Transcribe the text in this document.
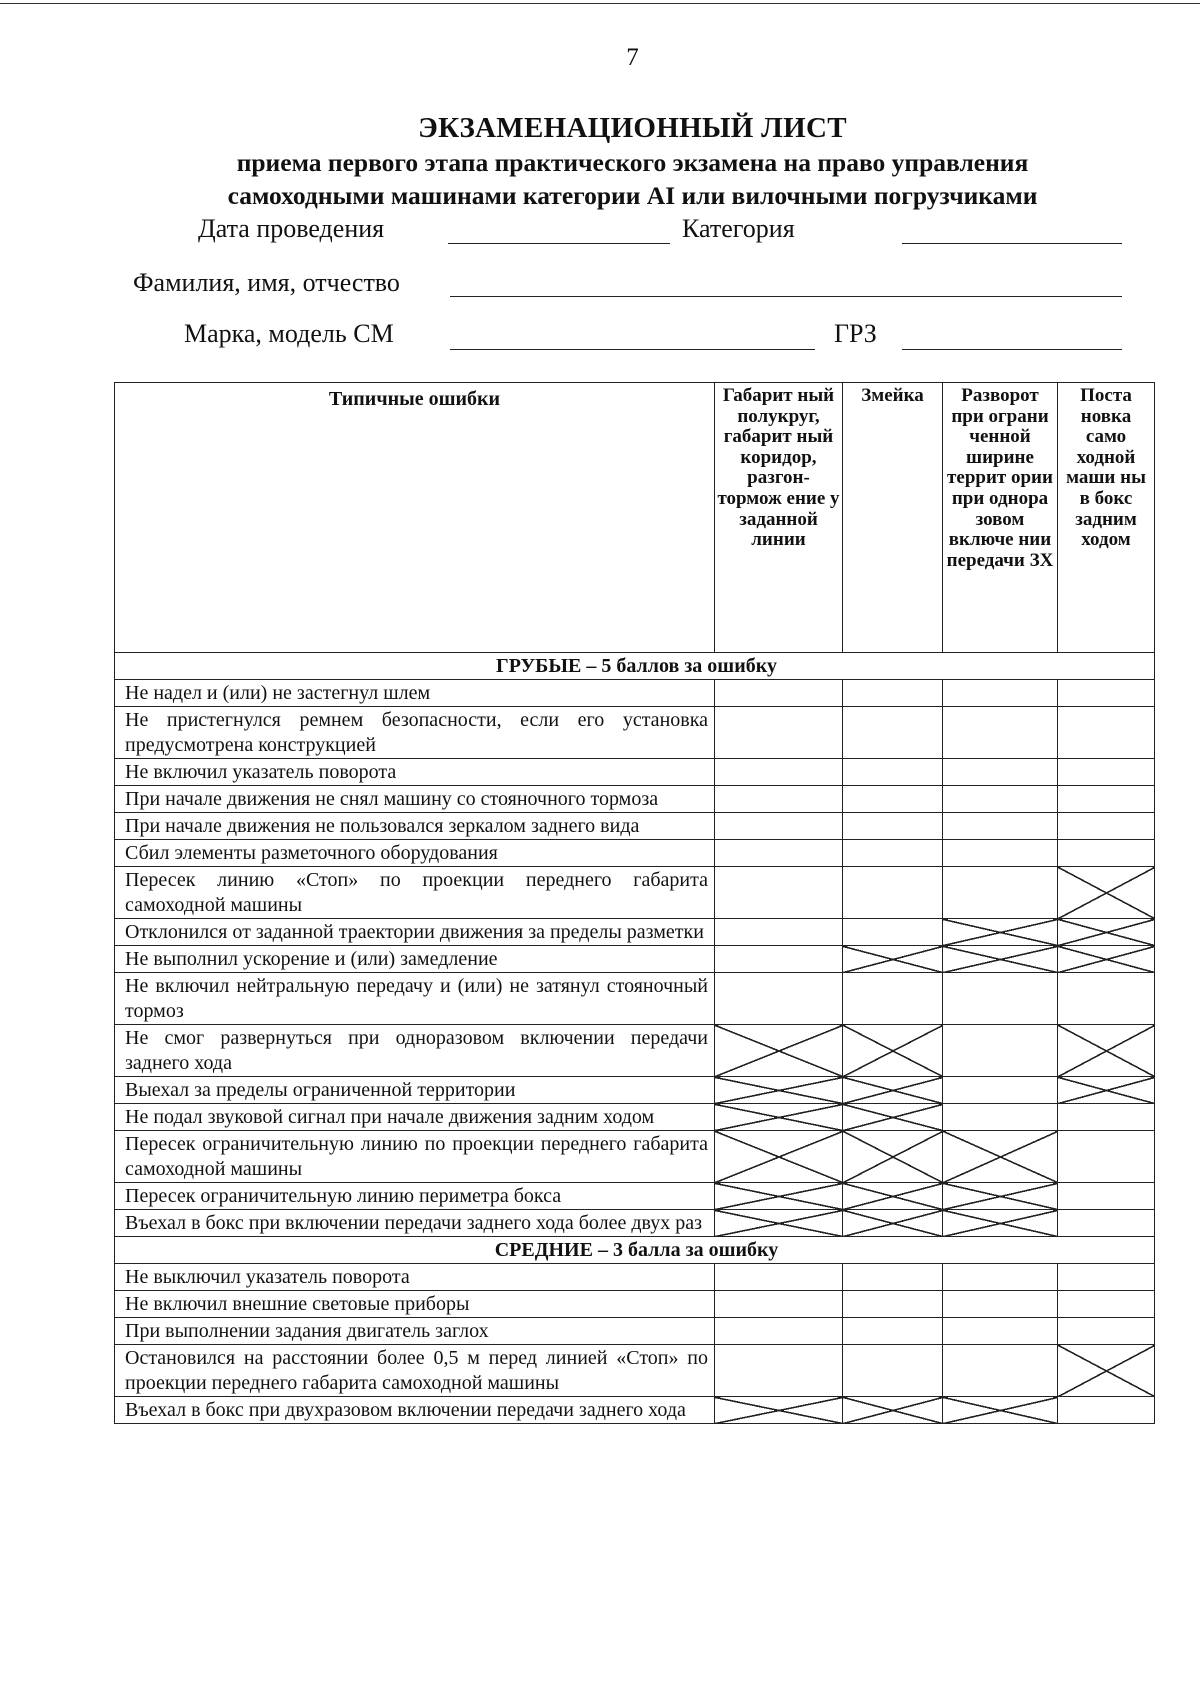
7
ЭКЗАМЕНАЦИОННЫЙ ЛИСТ
приема первого этапа практического экзамена на право управления
самоходными машинами категории AI или вилочными погрузчиками
Дата проведения	Категория
Фамилия, имя, отчество
Марка, модель СМ	ГРЗ
Типичные ошибки	Габарит ный полукруг, габарит ный коридор, разгон-тормож ение у заданной линии	Змейка	Разворот при ограни ченной ширине террит ории при однора зовом включе нии передачи ЗХ	Поста новка само ходной маши ны в бокс задним ходом
ГРУБЫЕ – 5 баллов за ошибку				
Не надел и (или) не застегнул шлем				
Не пристегнулся ремнем безопасности, если его установка предусмотрена конструкцией				
Не включил указатель поворота				
При начале движения не снял машину со стояночного тормоза				
При начале движения не пользовался зеркалом заднего вида				
Сбил элементы разметочного оборудования				
Пересек линию «Стоп» по проекции переднего габарита самоходной машины				
Отклонился от заданной траектории движения за пределы разметки				
Не выполнил ускорение и (или) замедление				
Не включил нейтральную передачу и (или) не затянул стояночный тормоз				
Не смог развернуться при одноразовом включении передачи заднего хода				
Выехал за пределы ограниченной территории				
Не подал звуковой сигнал при начале движения задним ходом				
Пересек ограничительную линию по проекции переднего габарита самоходной машины				
Пересек ограничительную линию периметра бокса				
Въехал в бокс при включении передачи заднего хода более двух раз				
СРЕДНИЕ – 3 балла за ошибку				
Не выключил указатель поворота				
Не включил внешние световые приборы				
При выполнении задания двигатель заглох				
Остановился на расстоянии более 0,5 м перед линией «Стоп» по проекции переднего габарита самоходной машины				
Въехал в бокс при двухразовом включении передачи заднего хода				
